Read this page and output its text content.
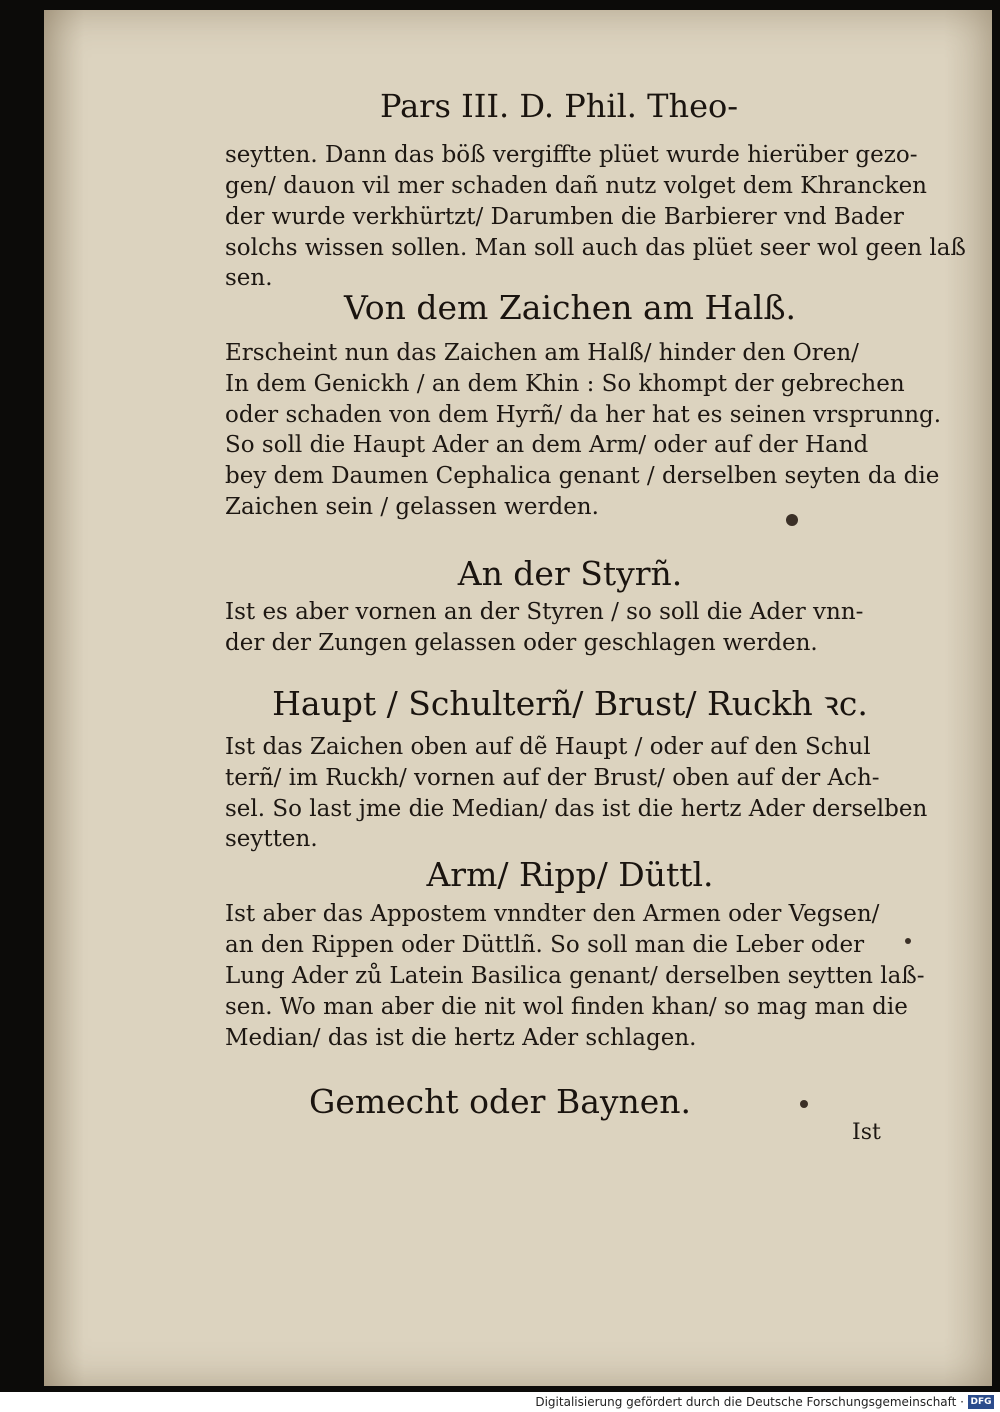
Pars III. D. Phil. Theo-
seytten. Dann das böß vergiffte plüet wurde hierüber gezo-
gen/ dauon vil mer schaden dañ nutz volget dem Khrancken
der wurde verkhürtzt/ Darumben die Barbierer vnd Bader
solchs wissen sollen. Man soll auch das plüet seer wol geen laß
sen.
Von dem Zaichen am Halß.
Erscheint nun das Zaichen am Halß/ hinder den Oren/
In dem Genickh / an dem Khin : So khompt der gebrechen
oder schaden von dem Hyrñ/ da her hat es seinen vrsprunng.
So soll die Haupt Ader an dem Arm/ oder auf der Hand
bey dem Daumen Cephalica genant / derselben seyten da die
Zaichen sein / gelassen werden.
An der Styrñ.
Ist es aber vornen an der Styren / so soll die Ader vnn-
der der Zungen gelassen oder geschlagen werden.
Haupt / Schulterñ/ Brust/ Ruckh ꝛc.
Ist das Zaichen oben auf dẽ Haupt / oder auf den Schul
terñ/ im Ruckh/ vornen auf der Brust/ oben auf der Ach-
sel. So last jme die Median/ das ist die hertz Ader derselben
seytten.
Arm/ Ripp/ Düttl.
Ist aber das Appostem vnndter den Armen oder Vegsen/
an den Rippen oder Düttlñ. So soll man die Leber oder
Lung Ader zů Latein Basilica genant/ derselben seytten laß-
sen. Wo man aber die nit wol finden khan/ so mag man die
Median/ das ist die hertz Ader schlagen.
Gemecht oder Baynen.
Ist
Digitalisierung gefördert durch die Deutsche Forschungsgemeinschaft · DFG
